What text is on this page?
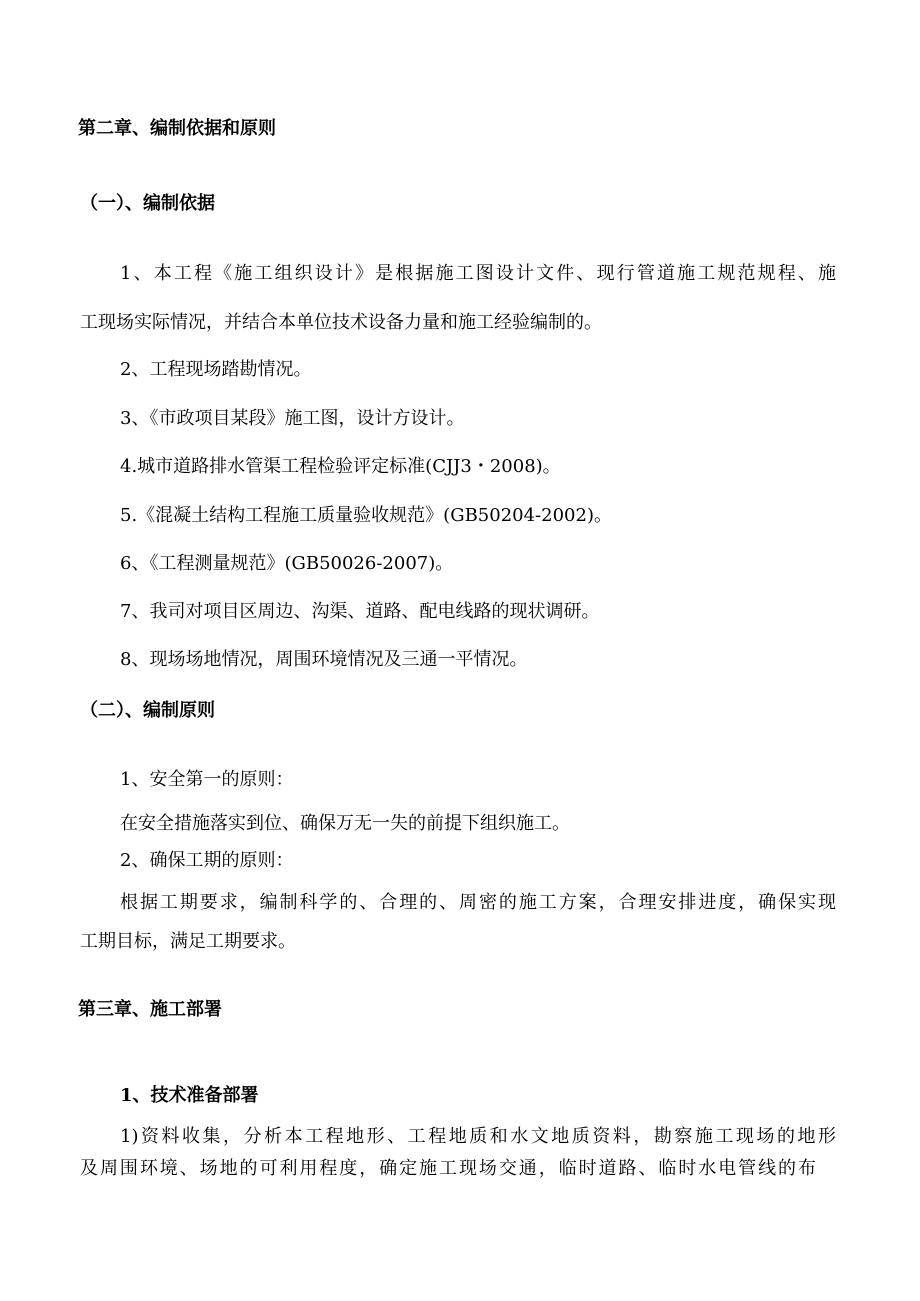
第二章、编制依据和原则

（一）、编制依据

1、本工程《施工组织设计》是根据施工图设计文件、现行管道施工规范规程、施

工现场实际情况，并结合本单位技术设备力量和施工经验编制的。

2、工程现场踏勘情况。

3、《市政项目某段》施工图，设计方设计。

4.城市道路排水管渠工程检验评定标准(CJJ3・2008)。

5.《混凝土结构工程施工质量验收规范》(GB50204-2002)。

6、《工程测量规范》(GB50026-2007)。

7、我司对项目区周边、沟渠、道路、配电线路的现状调研。

8、现场场地情况，周围环境情况及三通一平情况。

（二）、编制原则

1、安全第一的原则：

在安全措施落实到位、确保万无一失的前提下组织施工。

2、确保工期的原则：

根据工期要求，编制科学的、合理的、周密的施工方案，合理安排进度，确保实现

工期目标，满足工期要求。

第三章、施工部署

1、技术准备部署

1)资料收集，分析本工程地形、工程地质和水文地质资料，勘察施工现场的地形

及周围环境、场地的可利用程度，确定施工现场交通，临时道路、临时水电管线的布
